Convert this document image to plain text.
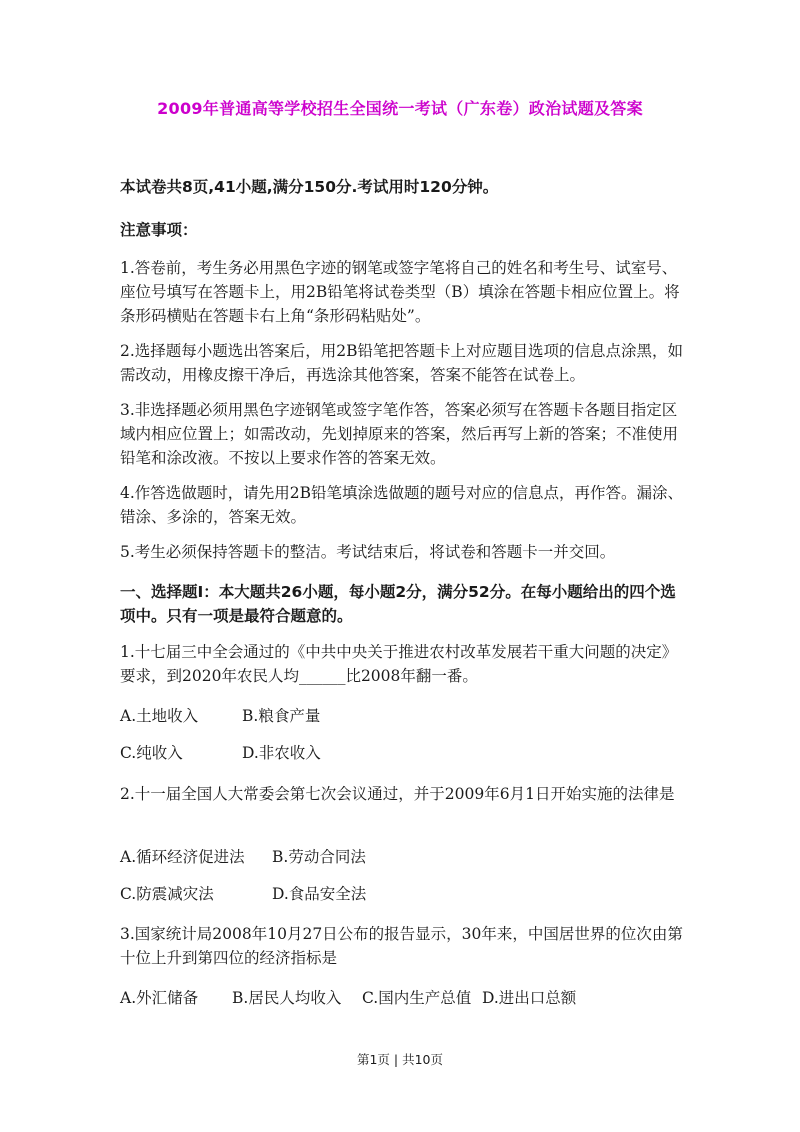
2009年普通高等学校招生全国统一考试（广东卷）政治试题及答案
本试卷共8页,41小题,满分150分.考试用时120分钟。
注意事项：
1.答卷前，考生务必用黑色字迹的钢笔或签字笔将自己的姓名和考生号、试室号、座位号填写在答题卡上，用2B铅笔将试卷类型（B）填涂在答题卡相应位置上。将条形码横贴在答题卡右上角“条形码粘贴处”。
2.选择题每小题选出答案后，用2B铅笔把答题卡上对应题目选项的信息点涂黑，如需改动，用橡皮擦干净后，再选涂其他答案，答案不能答在试卷上。
3.非选择题必须用黑色字迹钢笔或签字笔作答，答案必须写在答题卡各题目指定区域内相应位置上；如需改动，先划掉原来的答案，然后再写上新的答案；不准使用铅笔和涂改液。不按以上要求作答的答案无效。
4.作答选做题时，请先用2B铅笔填涂选做题的题号对应的信息点，再作答。漏涂、错涂、多涂的，答案无效。
5.考生必须保持答题卡的整洁。考试结束后，将试卷和答题卡一并交回。
一、选择题Ⅰ：本大题共26小题，每小题2分，满分52分。在每小题给出的四个选项中。只有一项是最符合题意的。
1.十七届三中全会通过的《中共中央关于推进农村改革发展若干重大问题的决定》要求，到2020年农民人均______比2008年翻一番。
A.土地收入	B.粮食产量
C.纯收入	D.非农收入
2.十一届全国人大常委会第七次会议通过，并于2009年6月1日开始实施的法律是
A.循环经济促进法 B.劳动合同法
C.防震减灾法	D.食品安全法
3.国家统计局2008年10月27日公布的报告显示，30年来，中国居世界的位次由第十位上升到第四位的经济指标是
A.外汇储备 B.居民人均收入 C.国内生产总值 D.进出口总额
第1页 | 共10页
